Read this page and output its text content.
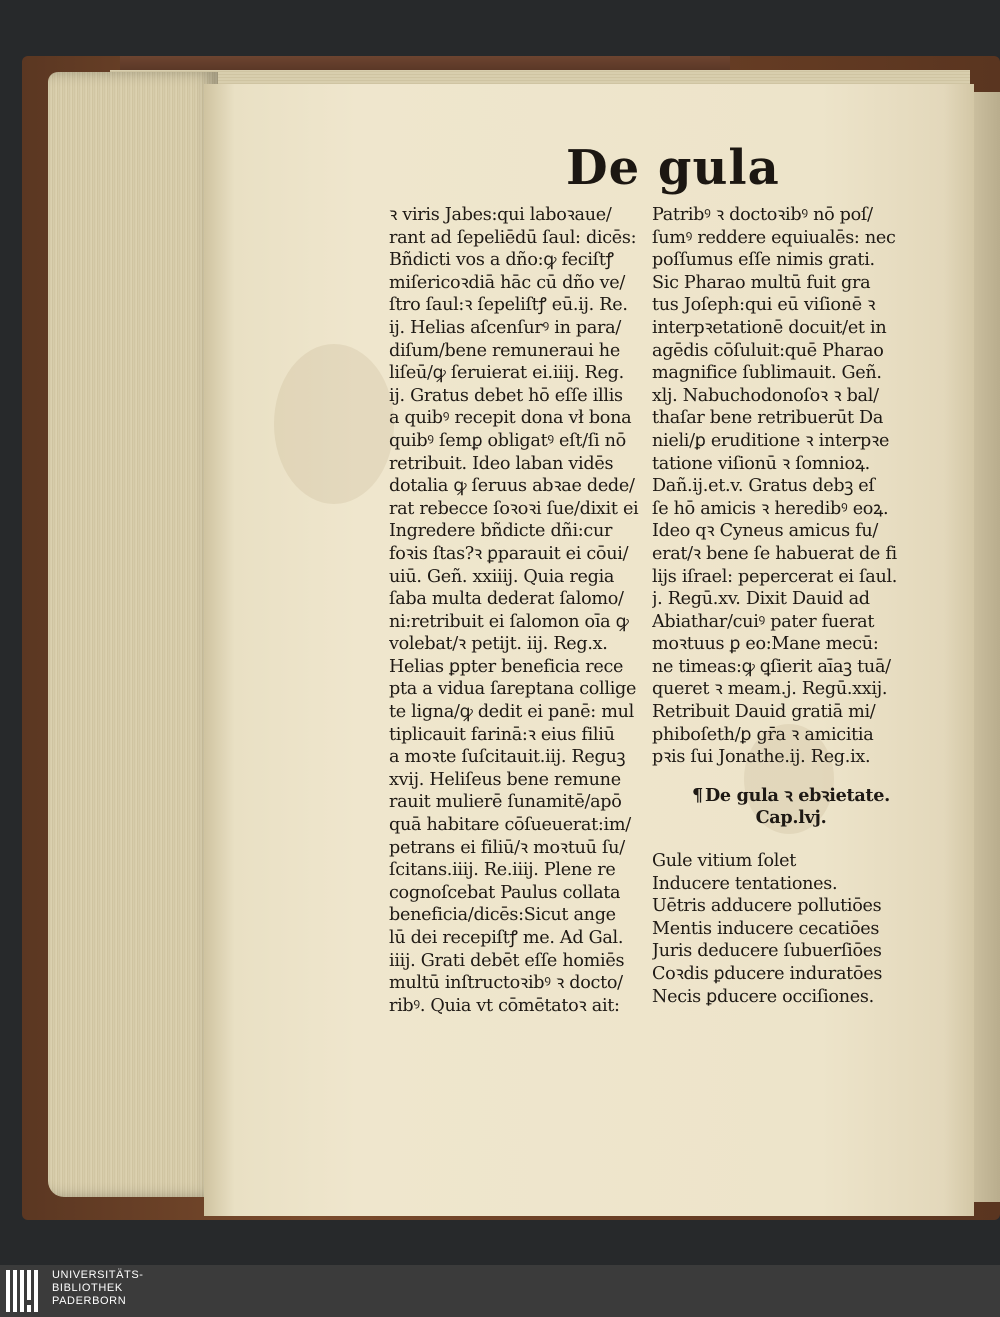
De gula
ꝛ viris Jabes:qui laboꝛaue/
rant ad ſepeliēdū ſaul: dicēs:
Bñdicti vos a dño:ꝙ feciſtꝭ
miſericoꝛdiā hāc cū dño ve/
ſtro ſaul:ꝛ ſepeliſtꝭ eū.ij. Re.
ij. Helias aſcenſurꝰ in para/
diſum/bene remuneraui he
liſeū/ꝙ ſeruierat ei.iiij. Reg.
ij. Gratus debet hō eſſe illis
a quibꝰ recepit dona vł bona
quibꝰ ſemꝑ obligatꝰ eſt/ſi nō
retribuit. Ideo laban vidēs
dotalia ꝙ ſeruus abꝛae dede/
rat rebecce ſoꝛoꝛi ſue/dixit ei
Ingredere bñdicte dñi:cur
foꝛis ſtas?ꝛ ꝑparauit ei cōui/
uiū. Geñ. xxiiij. Quia regia
ſaba multa dederat ſalomo/
ni:retribuit ei ſalomon oīa ꝙ
volebat/ꝛ petijt. iij. Reg.x.
Helias ꝑpter beneficia rece
pta a vidua ſareptana collige
te ligna/ꝙ dedit ei panē: mul
tiplicauit farinā:ꝛ eius filiū
a moꝛte ſuſcitauit.iij. Reguꝫ
xvij. Heliſeus bene remune
rauit mulierē ſunamitē/apō
quā habitare cōſueuerat:im/
petrans ei filiū/ꝛ moꝛtuū ſu/
ſcitans.iiij. Re.iiij. Plene re
cognoſcebat Paulus collata
beneficia/dicēs:Sicut ange
lū dei recepiſtꝭ me. Ad Gal.
iiij. Grati debēt eſſe homiēs
multū inſtructoꝛibꝰ ꝛ docto/
ribꝰ. Quia vt cōmētatoꝛ ait:
Patribꝰ ꝛ doctoꝛibꝰ nō poſ/
ſumꝰ reddere equiualēs: nec
poſſumus eſſe nimis grati.
Sic Pharao multū fuit gra
tus Joſeph:qui eū viſionē ꝛ
interpꝛetationē docuit/et in
agēdis cōſuluit:quē Pharao
magnifice ſublimauit. Geñ.
xlj. Nabuchodonoſoꝛ ꝛ bal/
thaſar bene retribuerūt Da
nieli/ꝑ eruditione ꝛ interpꝛe
tatione viſionū ꝛ ſomnioꝝ.
Dañ.ij.et.v. Gratus debꝫ eſ
ſe hō amicis ꝛ heredibꝰ eoꝝ.
Ideo qꝛ Cyneus amicus fu/
erat/ꝛ bene ſe habuerat de fi
lijs iſrael: pepercerat ei ſaul.
j. Regū.xv. Dixit Dauid ad
Abiathar/cuiꝰ pater fuerat
moꝛtuus ꝑ eo:Mane mecū:
ne timeas:ꝙ ꝗſierit aīaꝫ tuā/
queret ꝛ meam.j. Regū.xxij.
Retribuit Dauid gratiā mi/
phiboſeth/ꝑ gr̄a ꝛ amicitia
pꝛis ſui Jonathe.ij. Reg.ix.
¶ De gula ꝛ ebꝛietate.
Cap.lvj.
Gule vitium ſolet
Inducere tentationes.
Uētris adducere pollutiōes
Mentis inducere cecatiōes
Juris deducere ſubuerſiōes
Coꝛdis ꝑducere induratōes
Necis ꝑducere occiſiones.
UNIVERSITÄTS-
BIBLIOTHEK
PADERBORN
